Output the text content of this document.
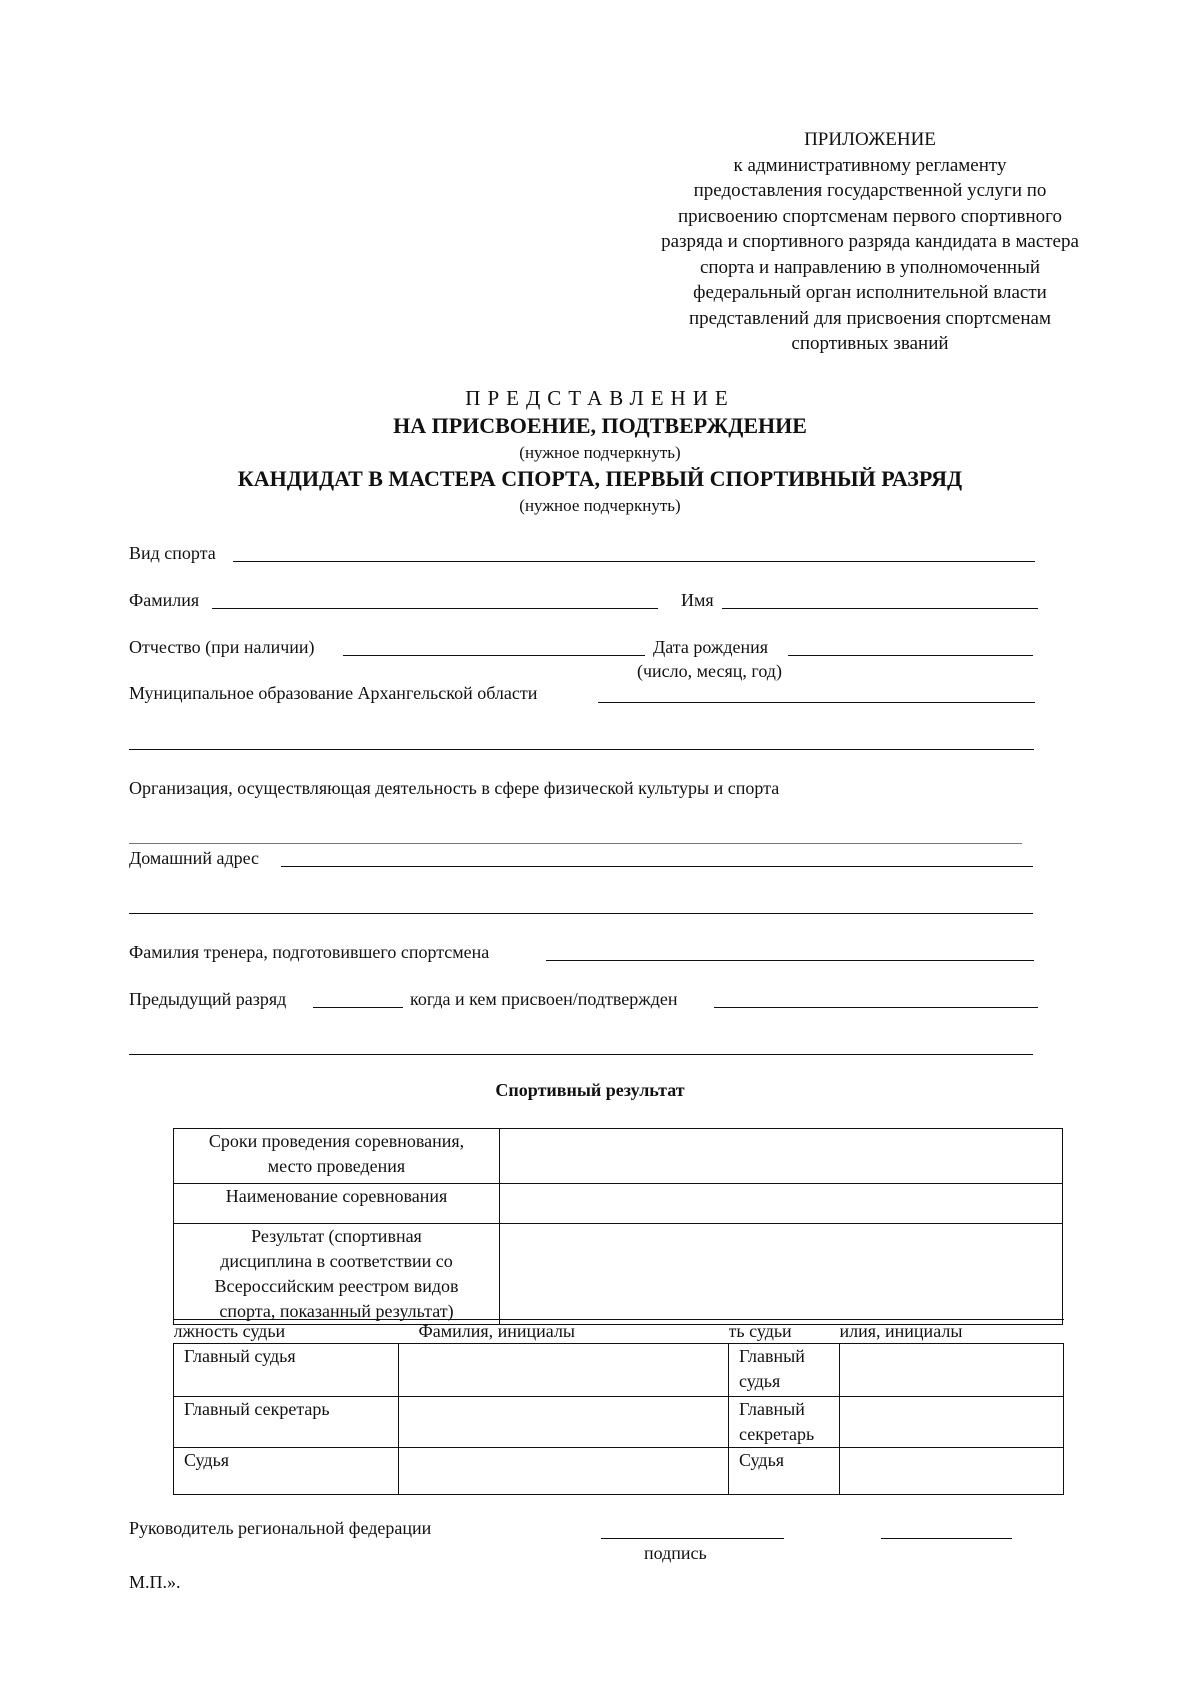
ПРИЛОЖЕНИЕ
к административному регламенту
предоставления государственной услуги по
присвоению спортсменам первого спортивного
разряда и спортивного разряда кандидата в мастера
спорта и направлению в уполномоченный
федеральный орган исполнительной власти
представлений для присвоения спортсменам
спортивных званий
ПРЕДСТАВЛЕНИЕ
НА ПРИСВОЕНИЕ, ПОДТВЕРЖДЕНИЕ
(нужное подчеркнуть)
КАНДИДАТ В МАСТЕРА СПОРТА, ПЕРВЫЙ СПОРТИВНЫЙ РАЗРЯД
(нужное подчеркнуть)
Вид спорта
Фамилия	Имя
Отчество (при наличии)	Дата рождения
(число, месяц, год)
Муниципальное образование Архангельской области
Организация, осуществляющая деятельность в сфере физической культуры и спорта
Домашний адрес
Фамилия тренера, подготовившего спортсмена
Предыдущий разряд	когда и кем присвоен/подтвержден
Спортивный результат
Сроки проведения соревнования,
место проведения	

Наименование соревнования	

Результат (спортивная
дисциплина в соответствии со
Всероссийским реестром видов
спорта, показанный результат)	

лжность судьи	Фамилия, инициалы	ть судьи	илия, инициалы
Главный судья		Главный
судья	

Главный секретарь		Главный
секретарь	

Судья		Судья	

Руководитель региональной федерации
подпись
М.П.».
